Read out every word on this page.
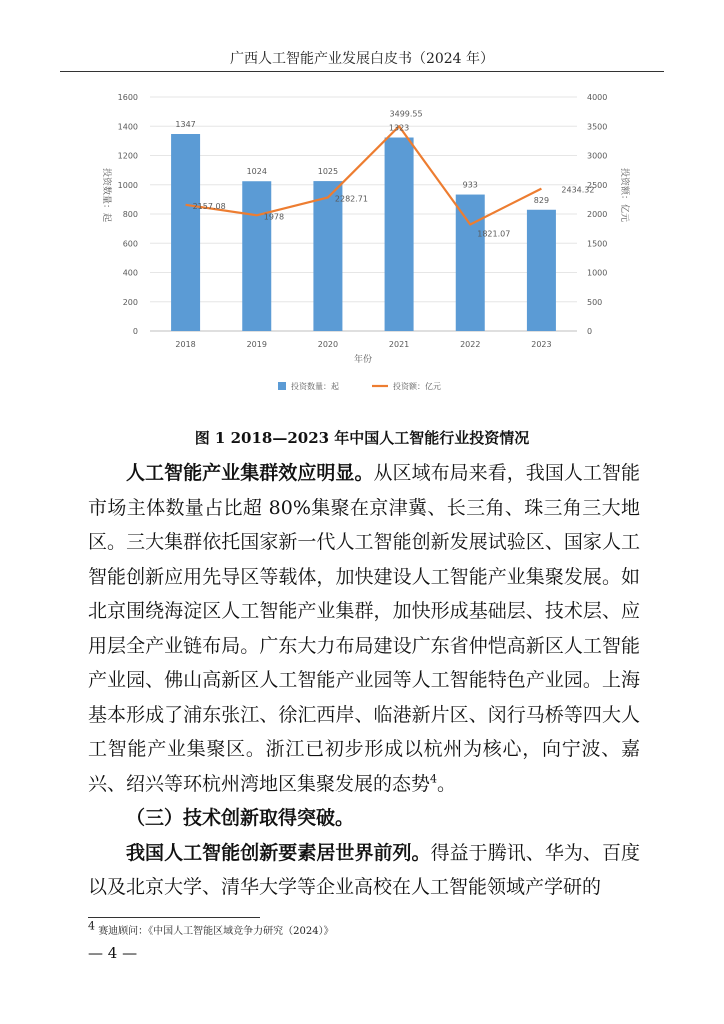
广西人工智能产业发展白皮书（2024 年）
0
200
400
600
800
1000
1200
1400
1600
0
500
1000
1500
2000
2500
3000
3500
4000
2018	2019	2020	2021	2022	2023
1347
1024	1025
1323
933
829
2157.08
1978
2282.71
3499.55
1821.07
2434.32
年份
投资数量：起	投资额：亿元
投资数量：起	投资额：亿元
图 1 2018—2023 年中国人工智能行业投资情况

人工智能产业集群效应明显。从区域布局来看，我国人工智能市场主体数量占比超 80%集聚在京津冀、长三角、珠三角三大地区。三大集群依托国家新一代人工智能创新发展试验区、国家人工智能创新应用先导区等载体，加快建设人工智能产业集聚发展。如北京围绕海淀区人工智能产业集群，加快形成基础层、技术层、应用层全产业链布局。广东大力布局建设广东省仲恺高新区人工智能产业园、佛山高新区人工智能产业园等人工智能特色产业园。上海基本形成了浦东张江、徐汇西岸、临港新片区、闵行马桥等四大人工智能产业集聚区。浙江已初步形成以杭州为核心，向宁波、嘉兴、绍兴等环杭州湾地区集聚发展的态势$^4$。

（三）技术创新取得突破。

我国人工智能创新要素居世界前列。得益于腾讯、华为、百度以及北京大学、清华大学等企业高校在人工智能领域产学研的

$^4$ 赛迪顾问：《中国人工智能区域竞争力研究（2024）》
— 4 —
